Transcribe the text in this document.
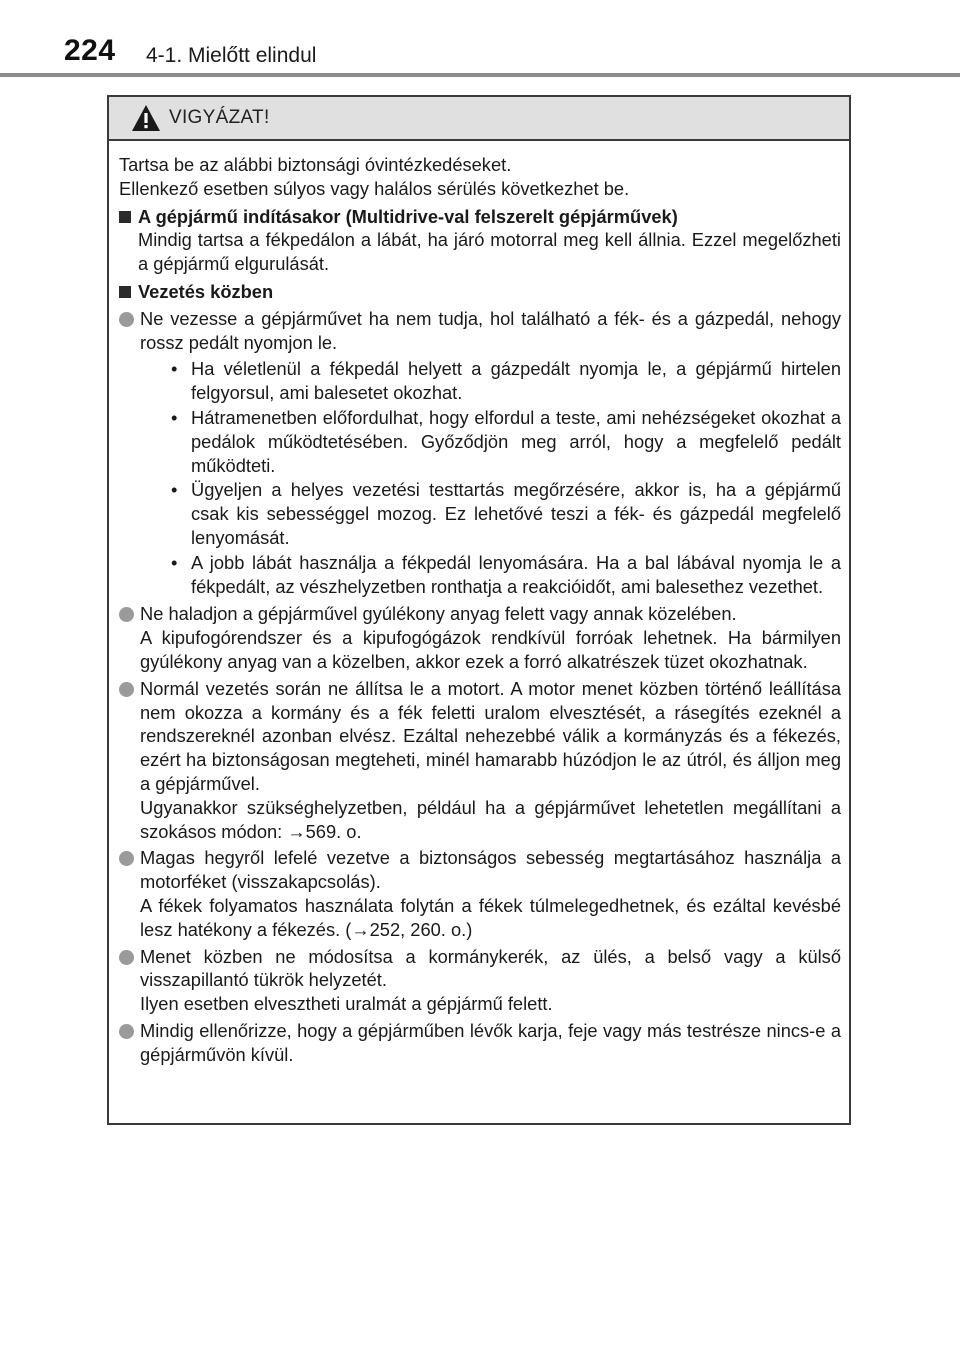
224 4-1. Mielőtt elindul
VIGYÁZAT!
Tartsa be az alábbi biztonsági óvintézkedéseket.
Ellenkező esetben súlyos vagy halálos sérülés következhet be.
A gépjármű indításakor (Multidrive-val felszerelt gépjárművek)
Mindig tartsa a fékpedálon a lábát, ha járó motorral meg kell állnia. Ezzel megelőzheti a gépjármű elgurulását.
Vezetés közben
Ne vezesse a gépjárművet ha nem tudja, hol található a fék- és a gázpedál, nehogy rossz pedált nyomjon le.
• Ha véletlenül a fékpedál helyett a gázpedált nyomja le, a gépjármű hirtelen felgyorsul, ami balesetet okozhat.
• Hátramenetben előfordulhat, hogy elfordul a teste, ami nehézségeket okozhat a pedálok működtetésében. Győződjön meg arról, hogy a megfelelő pedált működteti.
• Ügyeljen a helyes vezetési testtartás megőrzésére, akkor is, ha a gépjármű csak kis sebességgel mozog. Ez lehetővé teszi a fék- és gázpedál megfelelő lenyomását.
• A jobb lábát használja a fékpedál lenyomására. Ha a bal lábával nyomja le a fékpedált, az vészhelyzetben ronthatja a reakcióidőt, ami balesethez vezethet.
Ne haladjon a gépjárművel gyúlékony anyag felett vagy annak közelében.
A kipufogórendszer és a kipufogógázok rendkívül forróak lehetnek. Ha bármilyen gyúlékony anyag van a közelben, akkor ezek a forró alkatrészek tüzet okozhatnak.
Normál vezetés során ne állítsa le a motort. A motor menet közben történő leállítása nem okozza a kormány és a fék feletti uralom elvesztését, a rásegítés ezeknél a rendszereknél azonban elvész. Ezáltal nehezebbé válik a kormányzás és a fékezés, ezért ha biztonságosan megteheti, minél hamarabb húzódjon le az útról, és álljon meg a gépjárművel.
Ugyanakkor szükséghelyzetben, például ha a gépjárművet lehetetlen megállítani a szokásos módon: →569. o.
Magas hegyről lefelé vezetve a biztonságos sebesség megtartásához használja a motorféket (visszakapcsolás).
A fékek folyamatos használata folytán a fékek túlmelegedhetnek, és ezáltal kevésbé lesz hatékony a fékezés. (→252, 260. o.)
Menet közben ne módosítsa a kormánykerék, az ülés, a belső vagy a külső visszapillantó tükrök helyzetét.
Ilyen esetben elvesztheti uralmát a gépjármű felett.
Mindig ellenőrizze, hogy a gépjárműben lévők karja, feje vagy más testrésze nincs-e a gépjárművön kívül.
